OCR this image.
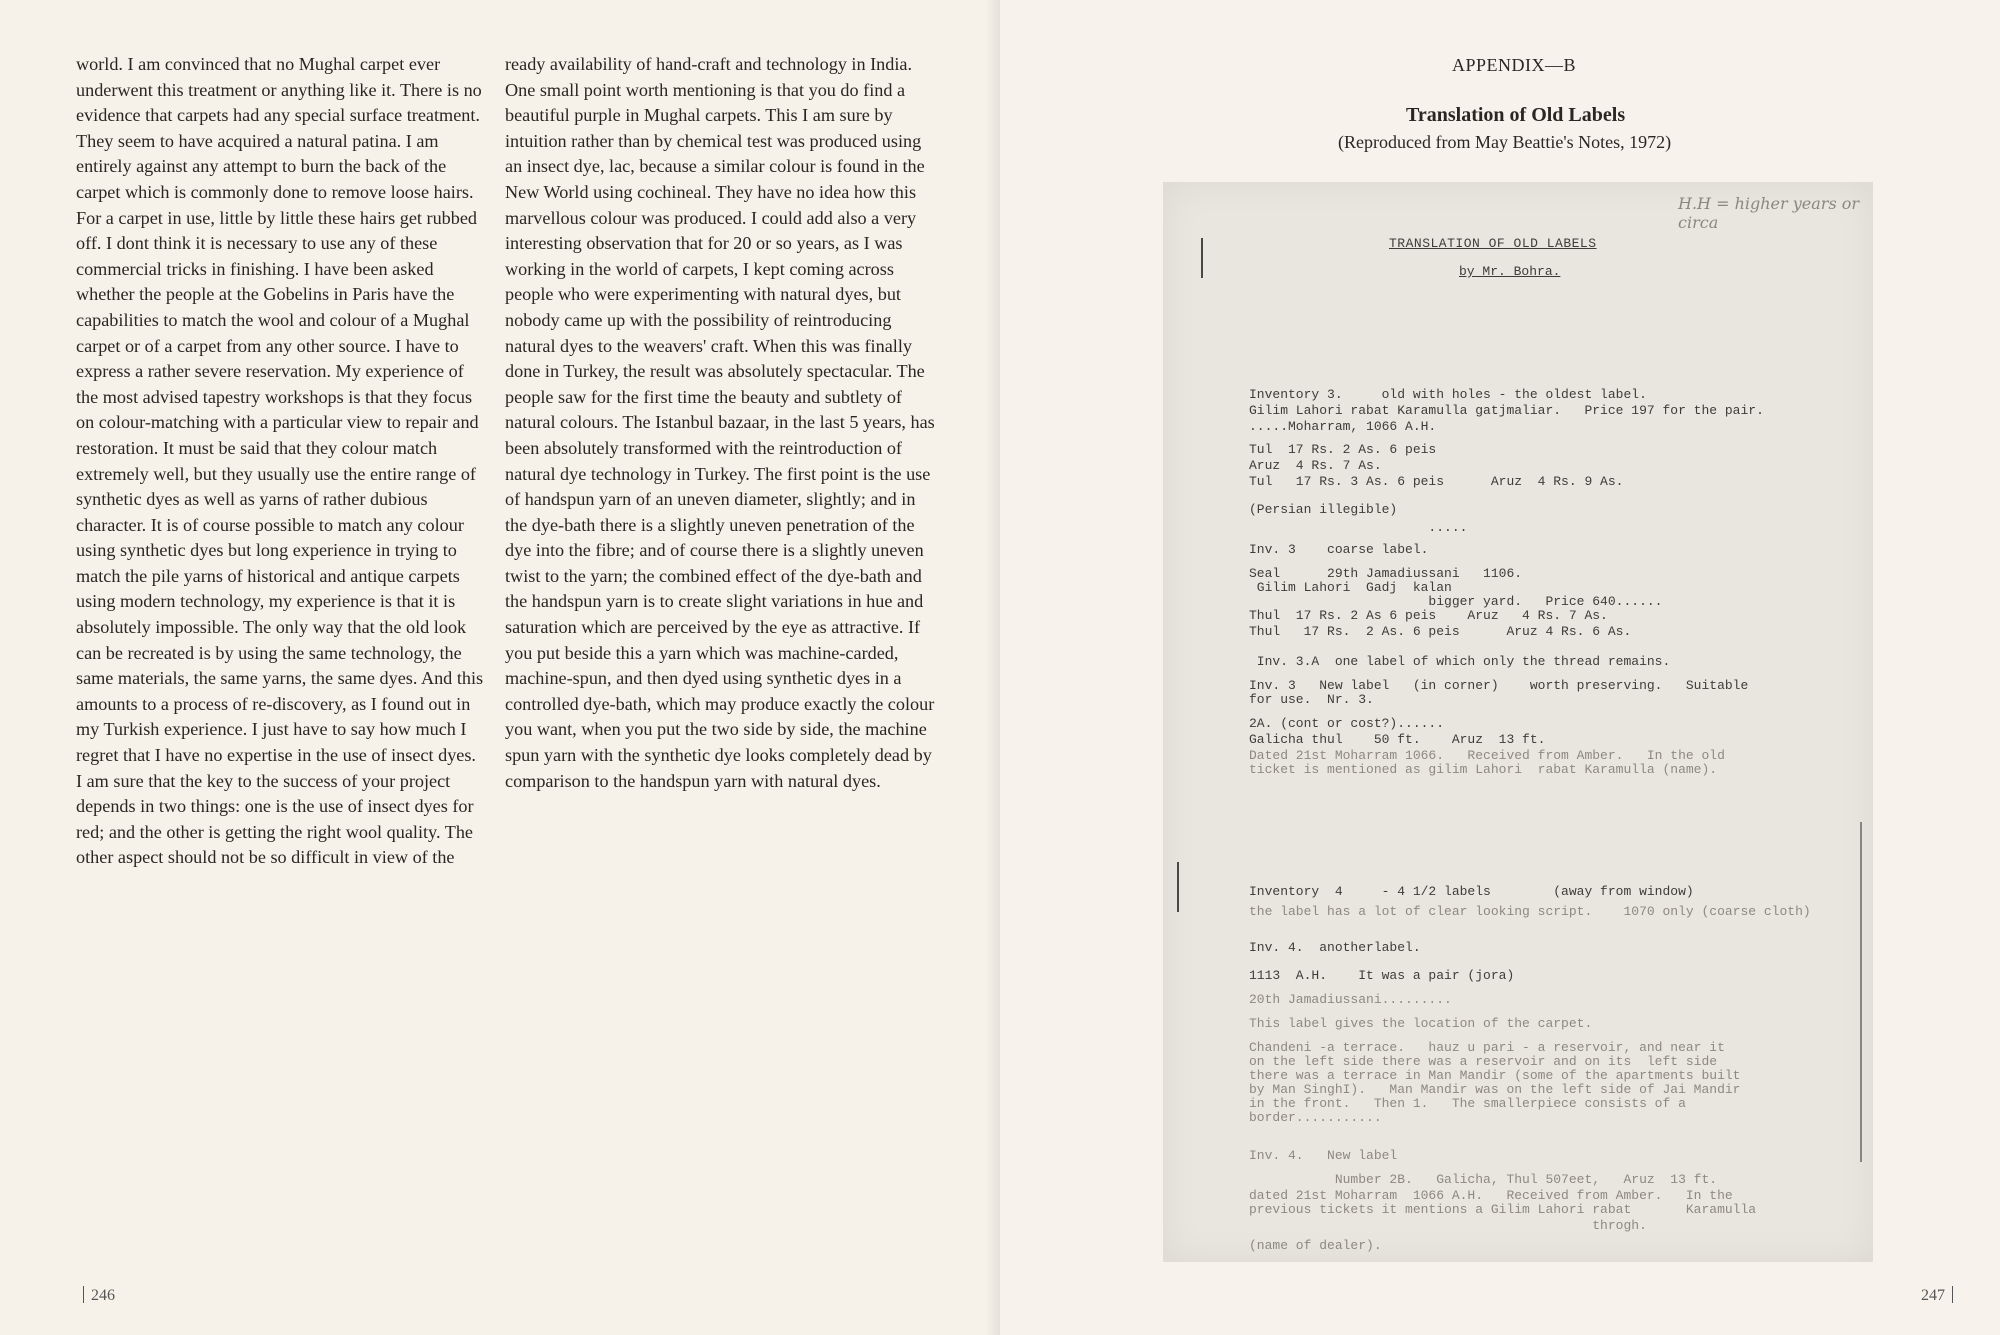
world. I am convinced that no Mughal carpet ever underwent this treatment or anything like it. There is no evidence that carpets had any special surface treatment. They seem to have acquired a natural patina. I am entirely against any attempt to burn the back of the carpet which is commonly done to remove loose hairs. For a carpet in use, little by little these hairs get rubbed off. I dont think it is necessary to use any of these commercial tricks in finishing. I have been asked whether the people at the Gobelins in Paris have the capabilities to match the wool and colour of a Mughal carpet or of a carpet from any other source. I have to express a rather severe reservation. My experience of the most advised tapestry workshops is that they focus on colour-matching with a particular view to repair and restoration. It must be said that they colour match extremely well, but they usually use the entire range of synthetic dyes as well as yarns of rather dubious character. It is of course possible to match any colour using synthetic dyes but long experience in trying to match the pile yarns of historical and antique carpets using modern technology, my experience is that it is absolutely impossible. The only way that the old look can be recreated is by using the same technology, the same materials, the same yarns, the same dyes. And this amounts to a process of re-discovery, as I found out in my Turkish experience. I just have to say how much I regret that I have no expertise in the use of insect dyes. I am sure that the key to the success of your project depends in two things: one is the use of insect dyes for red; and the other is getting the right wool quality. The other aspect should not be so difficult in view of the

ready availability of hand-craft and technology in India. One small point worth mentioning is that you do find a beautiful purple in Mughal carpets. This I am sure by intuition rather than by chemical test was produced using an insect dye, lac, because a similar colour is found in the New World using cochineal. They have no idea how this marvellous colour was produced. I could add also a very interesting observation that for 20 or so years, as I was working in the world of carpets, I kept coming across people who were experimenting with natural dyes, but nobody came up with the possibility of reintroducing natural dyes to the weavers' craft. When this was finally done in Turkey, the result was absolutely spectacular. The people saw for the first time the beauty and subtlety of natural colours. The Istanbul bazaar, in the last 5 years, has been absolutely transformed with the reintroduction of natural dye technology in Turkey. The first point is the use of handspun yarn of an uneven diameter, slightly; and in the dye-bath there is a slightly uneven penetration of the dye into the fibre; and of course there is a slightly uneven twist to the yarn; the combined effect of the dye-bath and the handspun yarn is to create slight variations in hue and saturation which are perceived by the eye as attractive. If you put beside this a yarn which was machine-carded, machine-spun, and then dyed using synthetic dyes in a controlled dye-bath, which may produce exactly the colour you want, when you put the two side by side, the machine spun yarn with the synthetic dye looks completely dead by comparison to the handspun yarn with natural dyes.

246	247
APPENDIX—B
Translation of Old Labels
(Reproduced from May Beattie's Notes, 1972)
H.H = higher years or circa
TRANSLATION OF OLD LABELS
by Mr. Bohra.
Inventory 3.     old with holes - the oldest label.
Gilim Lahori rabat Karamulla gatjmaliar.   Price 197 for the pair.
.....Moharram, 1066 A.H.
Tul  17 Rs. 2 As. 6 peis
Aruz  4 Rs. 7 As.
Tul   17 Rs. 3 As. 6 peis      Aruz  4 Rs. 9 As.
(Persian illegible)
.....
Inv. 3    coarse label.
Seal      29th Jamadiussani   1106.
Gilim Lahori  Gadj  kalan
bigger yard.   Price 640......
Thul  17 Rs. 2 As 6 peis    Aruz   4 Rs. 7 As.
Thul   17 Rs.  2 As. 6 peis      Aruz 4 Rs. 6 As.
Inv. 3.A  one label of which only the thread remains.
Inv. 3   New label   (in corner)    worth preserving.   Suitable
for use.  Nr. 3.
2A. (cont or cost?)......
Galicha thul    50 ft.    Aruz  13 ft.
Dated 21st Moharram 1066.   Received from Amber.   In the old
ticket is mentioned as gilim Lahori  rabat Karamulla (name).
Inventory  4     - 4 1/2 labels        (away from window)
the label has a lot of clear looking script.    1070 only (coarse cloth)
Inv. 4.  anotherlabel.
1113  A.H.    It was a pair (jora)
20th Jamadiussani.........
This label gives the location of the carpet.
Chandeni -a terrace.   hauz u pari - a reservoir, and near it
on the left side there was a reservoir and on its  left side
there was a terrace in Man Mandir (some of the apartments built
by Man SinghI).   Man Mandir was on the left side of Jai Mandir
in the front.   Then 1.   The smallerpiece consists of a
border...........
Inv. 4.   New label
Number 2B.   Galicha, Thul 507eet,   Aruz  13 ft.
dated 21st Moharram  1066 A.H.   Received from Amber.   In the
previous tickets it mentions a Gilim Lahori rabat       Karamulla
throgh.
(name of dealer).
